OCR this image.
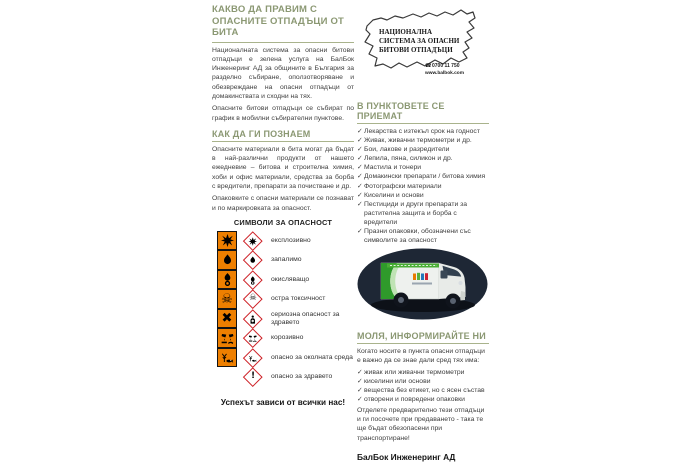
КАКВО ДА ПРАВИМ С ОПАСНИТЕ ОТПАДЪЦИ ОТ БИТА

Националната система за опасни битови отпадъци е зелена услуга на БалБок Инженеринг АД за общините в България за разделно събиране, оползотворяване и обезвреждане на опасни отпадъци от домакинствата и сходни на тях.

Опасните битови отпадъци се събират по график в мобилни събирателни пунктове.

КАК ДА ГИ ПОЗНАЕМ

Опасните материали в бита могат да бъдат в най-различни продукти от нашето ежедневие – битова и строителна химия, хоби и офис материали, средства за борба с вредители, препарати за почистване и др.

Опаковките с опасни материали се познават и по маркировката за опасност.

СИМВОЛИ ЗА ОПАСНОСТ
експлозивно
запалимо
окисляващо
☠ ☠ остра токсичност
✖	сериозна опасност за здравето
корозивно
опасно за околната среда
! опасно за здравето
Успехът зависи от всички нас!
НАЦИОНАЛНА
СИСТЕМА ЗА ОПАСНИ
БИТОВИ ОТПАДЪЦИ
☎ 0700 11 750
www.balbok.com
В ПУНКТОВЕТЕ СЕ ПРИЕМАТ
✓ Лекарства с изтекъл срок на годност
✓ Живак, живачни термометри и др.
✓ Бои, лакове и разредители
✓ Лепила, пяна, силикон и др.
✓ Мастила и тонери
✓ Домакински препарати / битова химия
✓ Фотографски материали
✓ Киселини и основи
✓ Пестициди и други препарати за растителна защита и борба с вредители
✓ Празни опаковки, обозначени със символите за опасност
МОЛЯ, ИНФОРМИРАЙТЕ НИ

Когато носите в пункта опасни отпадъци е важно да се знае дали сред тях има:

✓ живак или живачни термометри
✓ киселини или основи
✓ вещества без етикет, но с ясен състав
✓ отворени и повредени опаковки

Отделете предварително тези отпадъци и ги посочете при предаването - така те ще бъдат обезопасени при транспортиране!

БалБок Инженеринг АД
